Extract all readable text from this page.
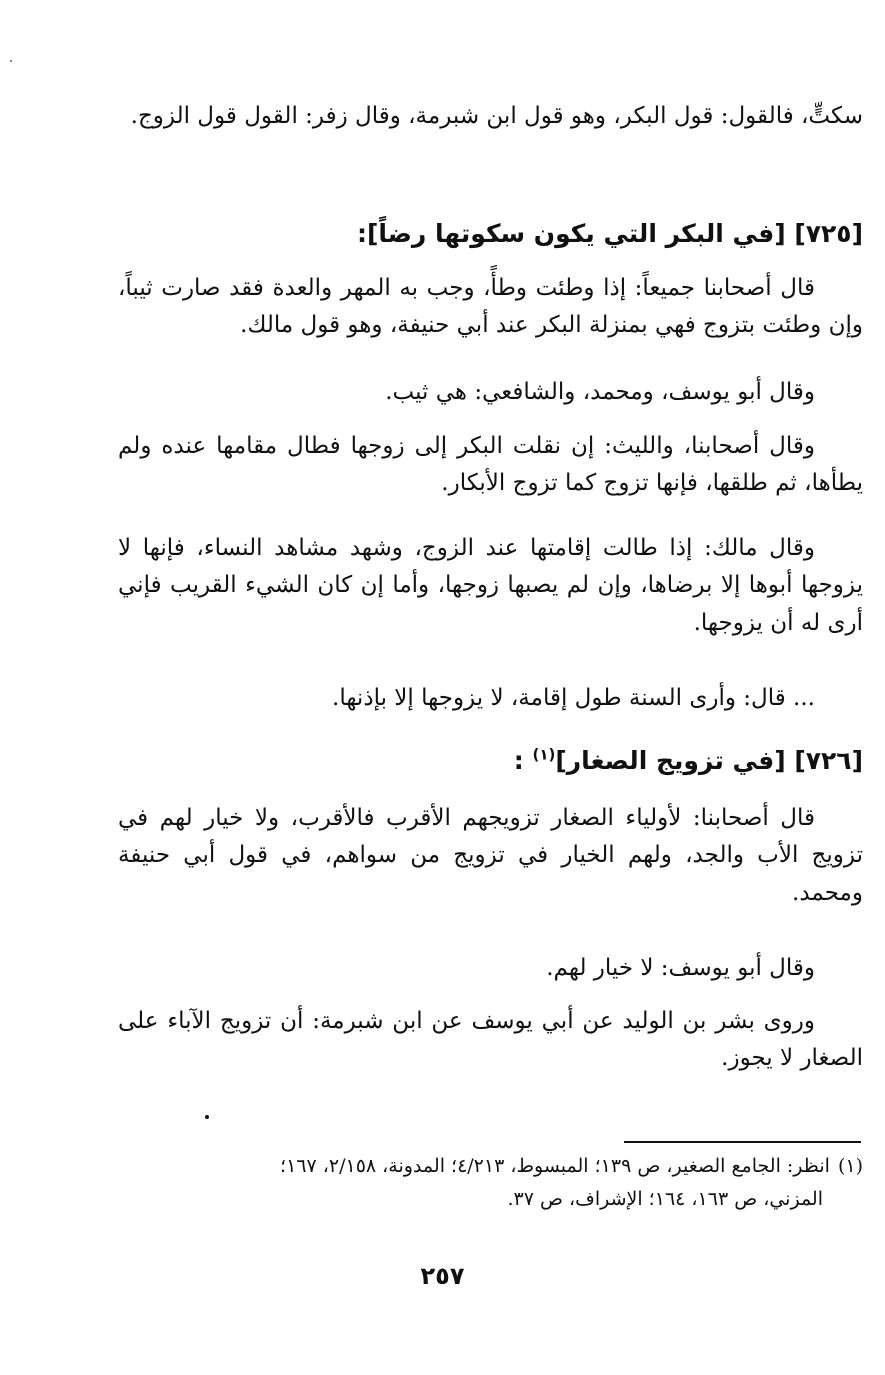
سكتٍّ، فالقول: قول البكر، وهو قول ابن شبرمة، وقال زفر: القول قول الزوج.

[٧٢٥] [في البكر التي يكون سكوتها رضاً]:

قال أصحابنا جميعاً: إذا وطئت وطأً، وجب به المهر والعدة فقد صارت ثيباً، وإن وطئت بتزوج فهي بمنزلة البكر عند أبي حنيفة، وهو قول مالك.

وقال أبو يوسف، ومحمد، والشافعي: هي ثيب.

وقال أصحابنا، والليث: إن نقلت البكر إلى زوجها فطال مقامها عنده ولم يطأها، ثم طلقها، فإنها تزوج كما تزوج الأبكار.

وقال مالك: إذا طالت إقامتها عند الزوج، وشهد مشاهد النساء، فإنها لا يزوجها أبوها إلا برضاها، وإن لم يصبها زوجها، وأما إن كان الشيء القريب فإني أرى له أن يزوجها.

... قال: وأرى السنة طول إقامة، لا يزوجها إلا بإذنها.

[٧٢٦] [في تزويج الصغار]$^{(١)}$ :

قال أصحابنا: لأولياء الصغار تزويجهم الأقرب فالأقرب، ولا خيار لهم في تزويج الأب والجد، ولهم الخيار في تزويج من سواهم، في قول أبي حنيفة ومحمد.

وقال أبو يوسف: لا خيار لهم.

وروى بشر بن الوليد عن أبي يوسف عن ابن شبرمة: أن تزويج الآباء على الصغار لا يجوز.

(١)انظر: الجامع الصغير، ص ١٣٩؛ المبسوط، ٤/٢١٣؛ المدونة، ٢/١٥٨، ١٦٧؛
المزني، ص ١٦٣، ١٦٤؛ الإشراف، ص ٣٧.
٢٥٧
